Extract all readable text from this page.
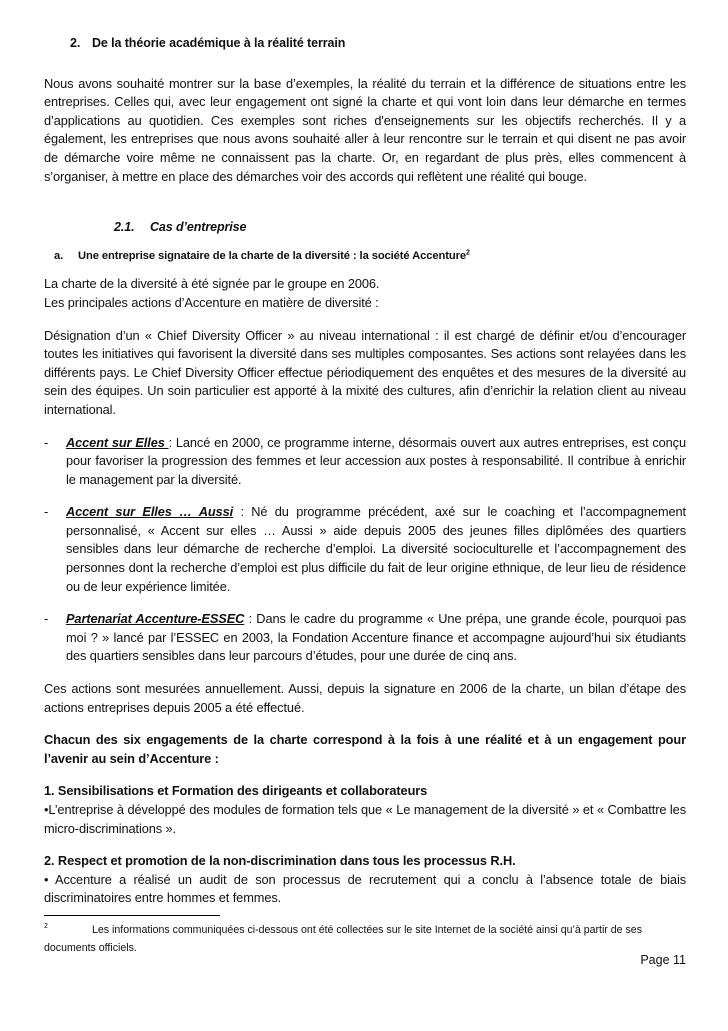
2. De la théorie académique à la réalité terrain

Nous avons souhaité montrer sur la base d’exemples, la réalité du terrain et la différence de situations entre les entreprises. Celles qui, avec leur engagement ont signé la charte et qui vont loin dans leur démarche en termes d’applications au quotidien. Ces exemples sont riches d'enseignements sur les objectifs recherchés. Il y a également, les entreprises que nous avons souhaité aller à leur rencontre sur le terrain et qui disent ne pas avoir de démarche voire même ne connaissent pas la charte. Or, en regardant de plus près, elles commencent à s’organiser, à mettre en place des démarches voir des accords qui reflètent une réalité qui bouge.

2.1. Cas d’entreprise

a. Une entreprise signataire de la charte de la diversité : la société Accenture$^2$

La charte de la diversité à été signée par le groupe en 2006.

Les principales actions d’Accenture en matière de diversité :

Désignation d’un « Chief Diversity Officer » au niveau international : il est chargé de définir et/ou d’encourager toutes les initiatives qui favorisent la diversité dans ses multiples composantes. Ses actions sont relayées dans les différents pays. Le Chief Diversity Officer effectue périodiquement des enquêtes et des mesures de la diversité au sein des équipes. Un soin particulier est apporté à la mixité des cultures, afin d’enrichir la relation client au niveau international.

- Accent sur Elles : Lancé en 2000, ce programme interne, désormais ouvert aux autres entreprises, est conçu pour favoriser la progression des femmes et leur accession aux postes à responsabilité. Il contribue à enrichir le management par la diversité.

- Accent sur Elles … Aussi : Né du programme précédent, axé sur le coaching et l’accompagnement personnalisé, « Accent sur elles … Aussi » aide depuis 2005 des jeunes filles diplômées des quartiers sensibles dans leur démarche de recherche d’emploi. La diversité socioculturelle et l’accompagnement des personnes dont la recherche d’emploi est plus difficile du fait de leur origine ethnique, de leur lieu de résidence ou de leur expérience limitée.

- Partenariat Accenture-ESSEC : Dans le cadre du programme « Une prépa, une grande école, pourquoi pas moi ? » lancé par l’ESSEC en 2003, la Fondation Accenture finance et accompagne aujourd’hui six étudiants des quartiers sensibles dans leur parcours d’études, pour une durée de cinq ans.

Ces actions sont mesurées annuellement. Aussi, depuis la signature en 2006 de la charte, un bilan d’étape des actions entreprises depuis 2005 a été effectué.

Chacun des six engagements de la charte correspond à la fois à une réalité et à un engagement pour l’avenir au sein d’Accenture :

1. Sensibilisations et Formation des dirigeants et collaborateurs

•L’entreprise à développé des modules de formation tels que « Le management de la diversité » et « Combattre les micro-discriminations ».

2. Respect et promotion de la non-discrimination dans tous les processus R.H.

• Accenture a réalisé un audit de son processus de recrutement qui a conclu à l’absence totale de biais discriminatoires entre hommes et femmes.

2	Les informations communiquées ci-dessous ont été collectées sur le site Internet de la société ainsi qu’à partir de ses documents officiels.
Page 11
